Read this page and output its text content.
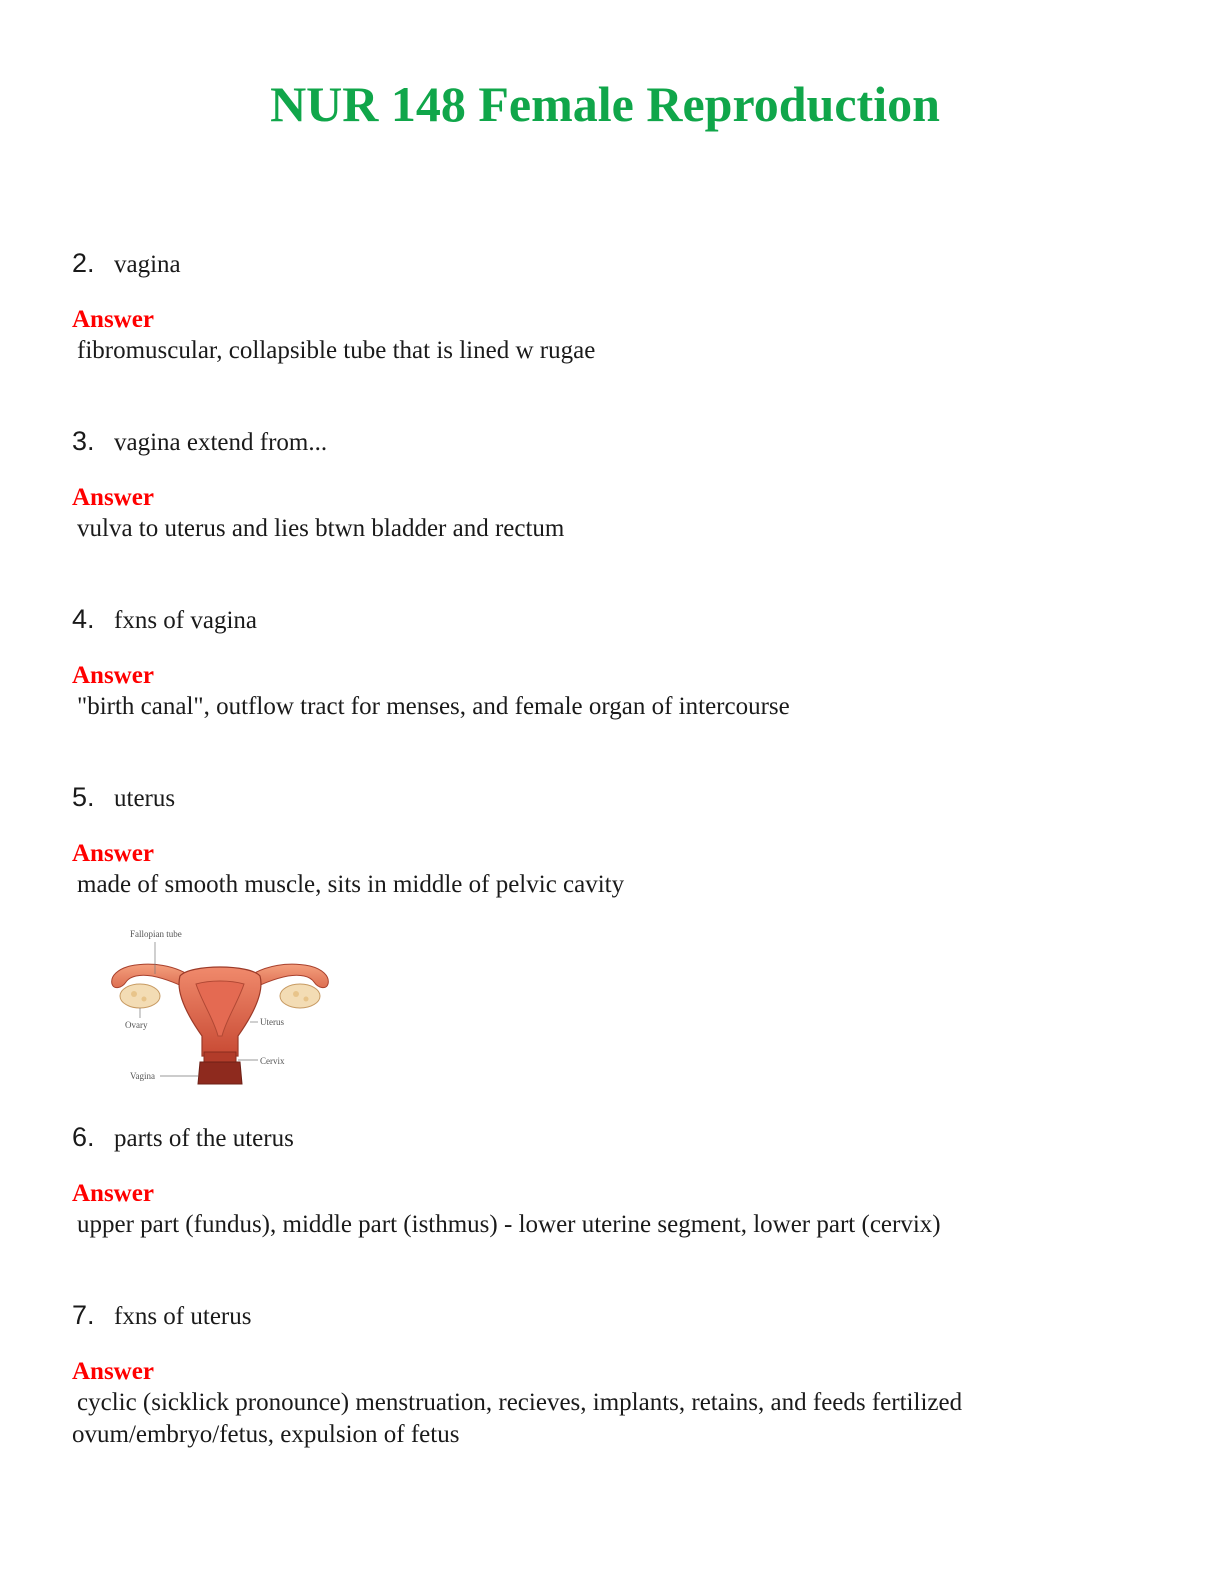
NUR 148 Female Reproduction
2. vagina
Answer
fibromuscular, collapsible tube that is lined w rugae
3. vagina extend from...
Answer
vulva to uterus and lies btwn bladder and rectum
4. fxns of vagina
Answer
"birth canal", outflow tract for menses, and female organ of intercourse
5. uterus
Answer
made of smooth muscle, sits in middle of pelvic cavity
Fallopian tube
Ovary	Uterus
Cervix
Vagina
6. parts of the uterus
Answer
upper part (fundus), middle part (isthmus) - lower uterine segment, lower part (cervix)
7. fxns of uterus
Answer
cyclic (sicklick pronounce) menstruation, recieves, implants, retains, and feeds fertilized ovum/embryo/fetus, expulsion of fetus
